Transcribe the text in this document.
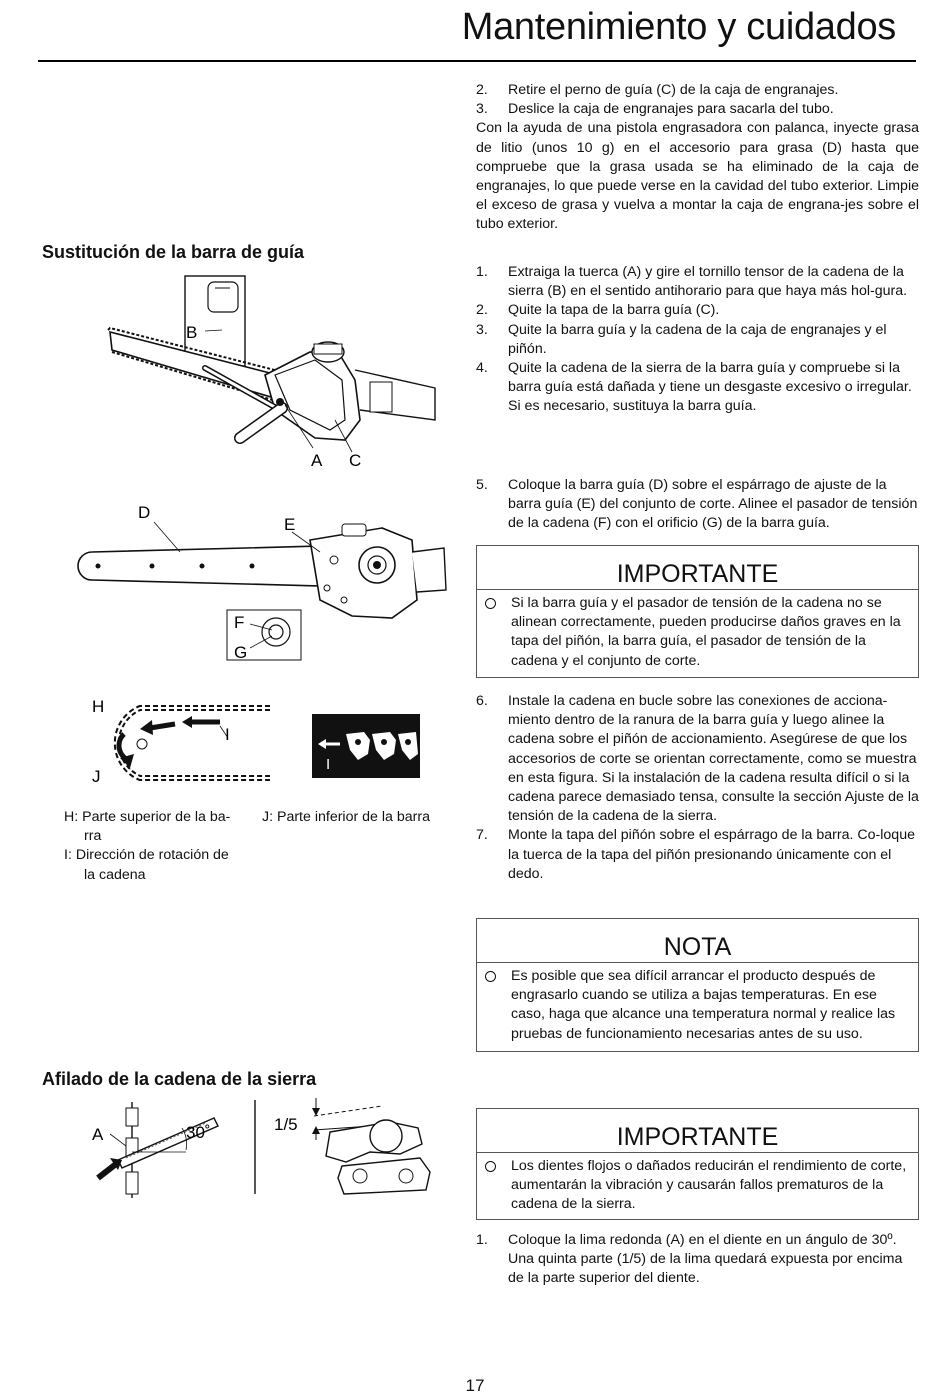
Mantenimiento y cuidados
2. Retire el perno de guía (C) de la caja de engranajes.
3. Deslice la caja de engranajes para sacarla del tubo.

Con la ayuda de una pistola engrasadora con palanca, inyecte grasa de litio (unos 10 g) en el accesorio para grasa (D) hasta que compruebe que la grasa usada se ha eliminado de la caja de engranajes, lo que puede verse en la cavidad del tubo exterior. Limpie el exceso de grasa y vuelva a montar la caja de engrana-jes sobre el tubo exterior.

Sustitución de la barra de guía
1. Extraiga la tuerca (A) y gire el tornillo tensor de la cadena de la sierra (B) en el sentido antihorario para que haya más hol-gura.
2. Quite la tapa de la barra guía (C).
3. Quite la barra guía y la cadena de la caja de engranajes y el piñón.
4. Quite la cadena de la sierra de la barra guía y compruebe si la barra guía está dañada y tiene un desgaste excesivo o irregular. Si es necesario, sustituya la barra guía.
B
A C
5. Coloque la barra guía (D) sobre el espárrago de ajuste de la barra guía (E) del conjunto de corte. Alinee el pasador de tensión de la cadena (F) con el orificio (G) de la barra guía.
D
E
F
G
IMPORTANTE
Si la barra guía y el pasador de tensión de la cadena no se alinean correctamente, pueden producirse daños graves en la tapa del piñón, la barra guía, el pasador de tensión de la cadena y el conjunto de corte.
H
I
J
I
H: Parte superior de la ba-
rra
I: Dirección de rotación de
la cadena
J: Parte inferior de la barra
6. Instale la cadena en bucle sobre las conexiones de acciona-miento dentro de la ranura de la barra guía y luego alinee la cadena sobre el piñón de accionamiento. Asegúrese de que los accesorios de corte se orientan correctamente, como se muestra en esta figura. Si la instalación de la cadena resulta difícil o si la cadena parece demasiado tensa, consulte la sección Ajuste de la tensión de la cadena de la sierra.
7. Monte la tapa del piñón sobre el espárrago de la barra. Co-loque la tuerca de la tapa del piñón presionando únicamente con el dedo.
NOTA
Es posible que sea difícil arrancar el producto después de engrasarlo cuando se utiliza a bajas temperaturas. En ese caso, haga que alcance una temperatura normal y realice las pruebas de funcionamiento necesarias antes de su uso.
Afilado de la cadena de la sierra
A	30˚	1/5	IMPORTANTE
Los dientes flojos o dañados reducirán el rendimiento de corte, aumentarán la vibración y causarán fallos prematuros de la cadena de la sierra.
1. Coloque la lima redonda (A) en el diente en un ángulo de 30º. Una quinta parte (1/5) de la lima quedará expuesta por encima de la parte superior del diente.
17
